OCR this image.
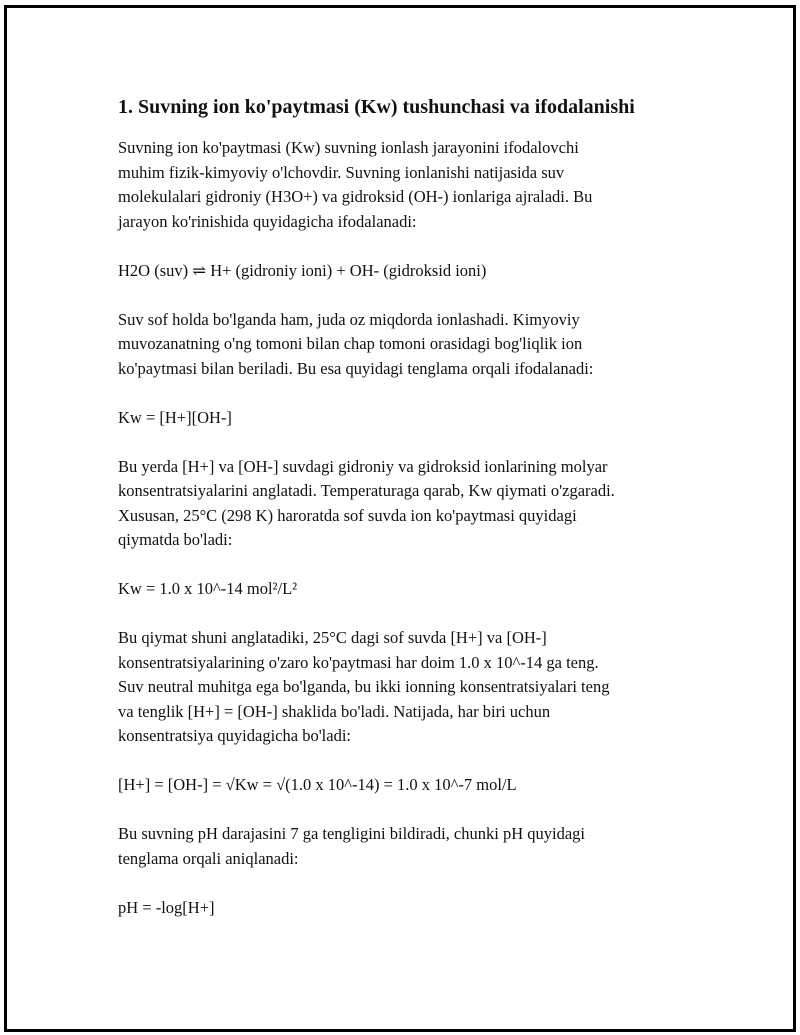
1. Suvning ion ko'paytmasi (Kw) tushunchasi va ifodalanishi
Suvning ion ko'paytmasi (Kw) suvning ionlash jarayonini ifodalovchi
muhim fizik-kimyoviy o'lchovdir. Suvning ionlanishi natijasida suv
molekulalari gidroniy (H3O+) va gidroksid (OH-) ionlariga ajraladi. Bu
jarayon ko'rinishida quyidagicha ifodalanadi:
H2O (suv) ⇌ H+ (gidroniy ioni) + OH- (gidroksid ioni)
Suv sof holda bo'lganda ham, juda oz miqdorda ionlashadi. Kimyoviy
muvozanatning o'ng tomoni bilan chap tomoni orasidagi bog'liqlik ion
ko'paytmasi bilan beriladi. Bu esa quyidagi tenglama orqali ifodalanadi:
Kw = [H+][OH-]
Bu yerda [H+] va [OH-] suvdagi gidroniy va gidroksid ionlarining molyar
konsentratsiyalarini anglatadi. Temperaturaga qarab, Kw qiymati o'zgaradi.
Xususan, 25°C (298 K) haroratda sof suvda ion ko'paytmasi quyidagi
qiymatda bo'ladi:
Kw = 1.0 x 10^-14 mol²/L²
Bu qiymat shuni anglatadiki, 25°C dagi sof suvda [H+] va [OH-]
konsentratsiyalarining o'zaro ko'paytmasi har doim 1.0 x 10^-14 ga teng.
Suv neutral muhitga ega bo'lganda, bu ikki ionning konsentratsiyalari teng
va tenglik [H+] = [OH-] shaklida bo'ladi. Natijada, har biri uchun
konsentratsiya quyidagicha bo'ladi:
[H+] = [OH-] = √Kw = √(1.0 x 10^-14) = 1.0 x 10^-7 mol/L
Bu suvning pH darajasini 7 ga tengligini bildiradi, chunki pH quyidagi
tenglama orqali aniqlanadi:
pH = -log[H+]
